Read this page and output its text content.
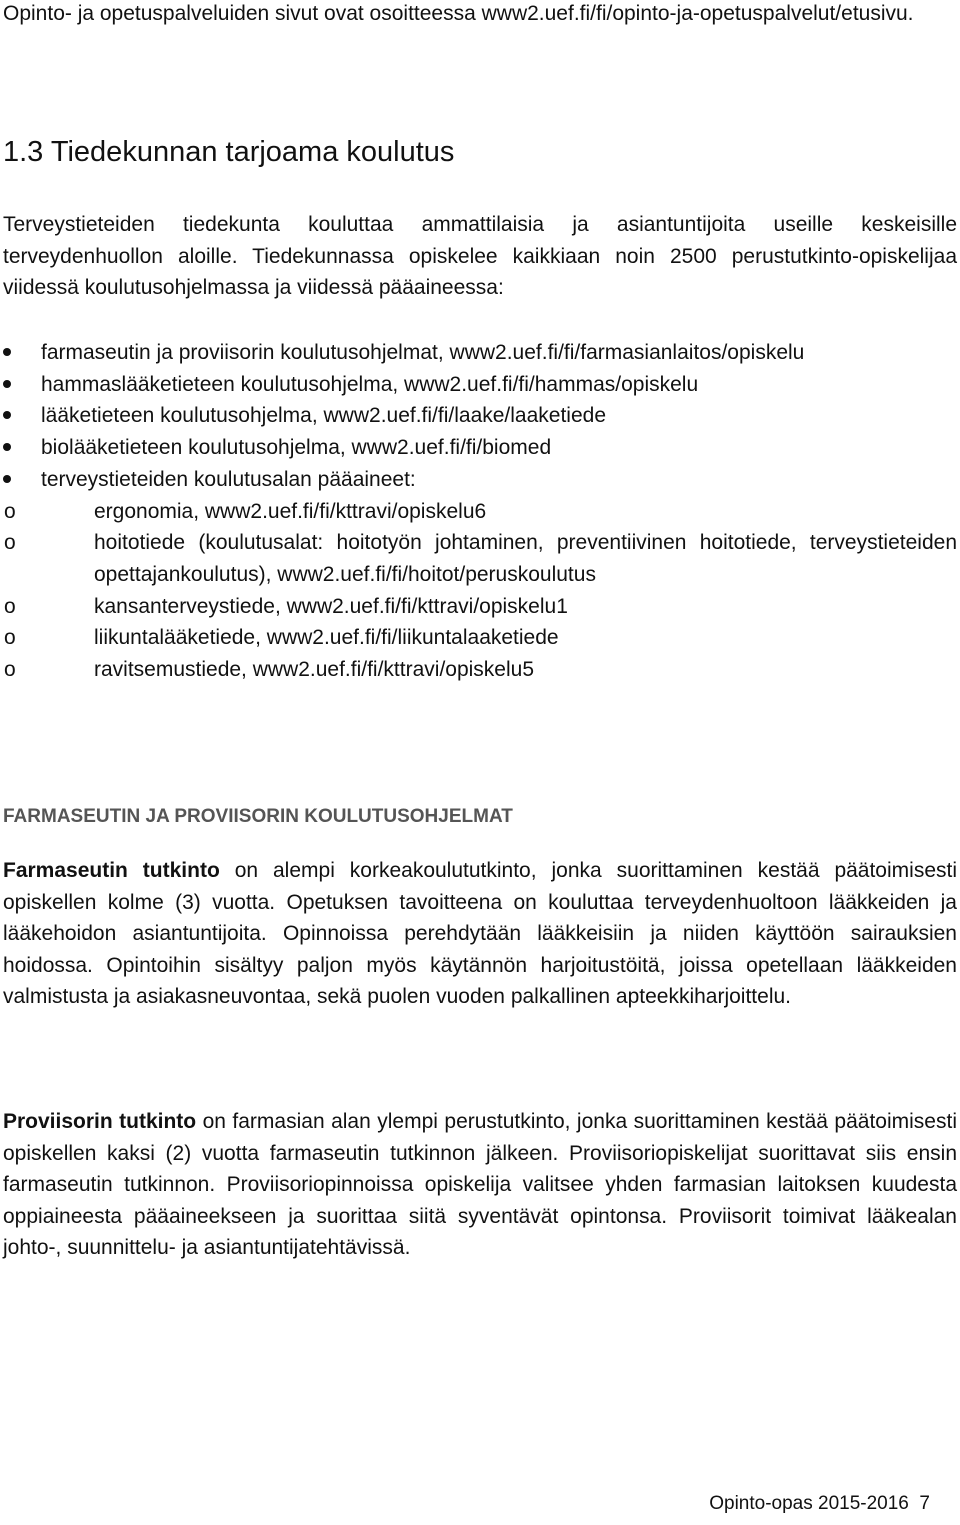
Opinto- ja opetuspalveluiden sivut ovat osoitteessa www2.uef.fi/fi/opinto-ja-opetuspalvelut/etusivu.

1.3 Tiedekunnan tarjoama koulutus

Terveystieteiden tiedekunta kouluttaa ammattilaisia ja asiantuntijoita useille keskeisille terveydenhuollon aloille. Tiedekunnassa opiskelee kaikkiaan noin 2500 perustutkinto-opiskelijaa viidessä koulutusohjelmassa ja viidessä pääaineessa:

farmaseutin ja proviisorin koulutusohjelmat, www2.uef.fi/fi/farmasianlaitos/opiskelu
hammaslääketieteen koulutusohjelma, www2.uef.fi/fi/hammas/opiskelu
lääketieteen koulutusohjelma, www2.uef.fi/fi/laake/laaketiede
biolääketieteen koulutusohjelma, www2.uef.fi/fi/biomed
terveystieteiden koulutusalan pääaineet:
o	ergonomia, www2.uef.fi/fi/kttravi/opiskelu6
o	hoitotiede (koulutusalat: hoitotyön johtaminen, preventiivinen hoitotiede, terveystieteiden opettajankoulutus), www2.uef.fi/fi/hoitot/peruskoulutus
o	kansanterveystiede, www2.uef.fi/fi/kttravi/opiskelu1
o	liikuntalääketiede, www2.uef.fi/fi/liikuntalaaketiede
o	ravitsemustiede, www2.uef.fi/fi/kttravi/opiskelu5
FARMASEUTIN JA PROVIISORIN KOULUTUSOHJELMAT

Farmaseutin tutkinto on alempi korkeakoulututkinto, jonka suorittaminen kestää päätoimisesti opiskellen kolme (3) vuotta. Opetuksen tavoitteena on kouluttaa terveydenhuoltoon lääkkeiden ja lääkehoidon asiantuntijoita. Opinnoissa perehdytään lääkkeisiin ja niiden käyttöön sairauksien hoidossa. Opintoihin sisältyy paljon myös käytännön harjoitustöitä, joissa opetellaan lääkkeiden valmistusta ja asiakasneuvontaa, sekä puolen vuoden palkallinen apteekkiharjoittelu.

Proviisorin tutkinto on farmasian alan ylempi perustutkinto, jonka suorittaminen kestää päätoimisesti opiskellen kaksi (2) vuotta farmaseutin tutkinnon jälkeen. Proviisoriopiskelijat suorittavat siis ensin farmaseutin tutkinnon. Proviisoriopinnoissa opiskelija valitsee yhden farmasian laitoksen kuudesta oppiaineesta pääaineekseen ja suorittaa siitä syventävät opintonsa. Proviisorit toimivat lääkealan johto-, suunnittelu- ja asiantuntijatehtävissä.

Opinto-opas 2015-2016  7
